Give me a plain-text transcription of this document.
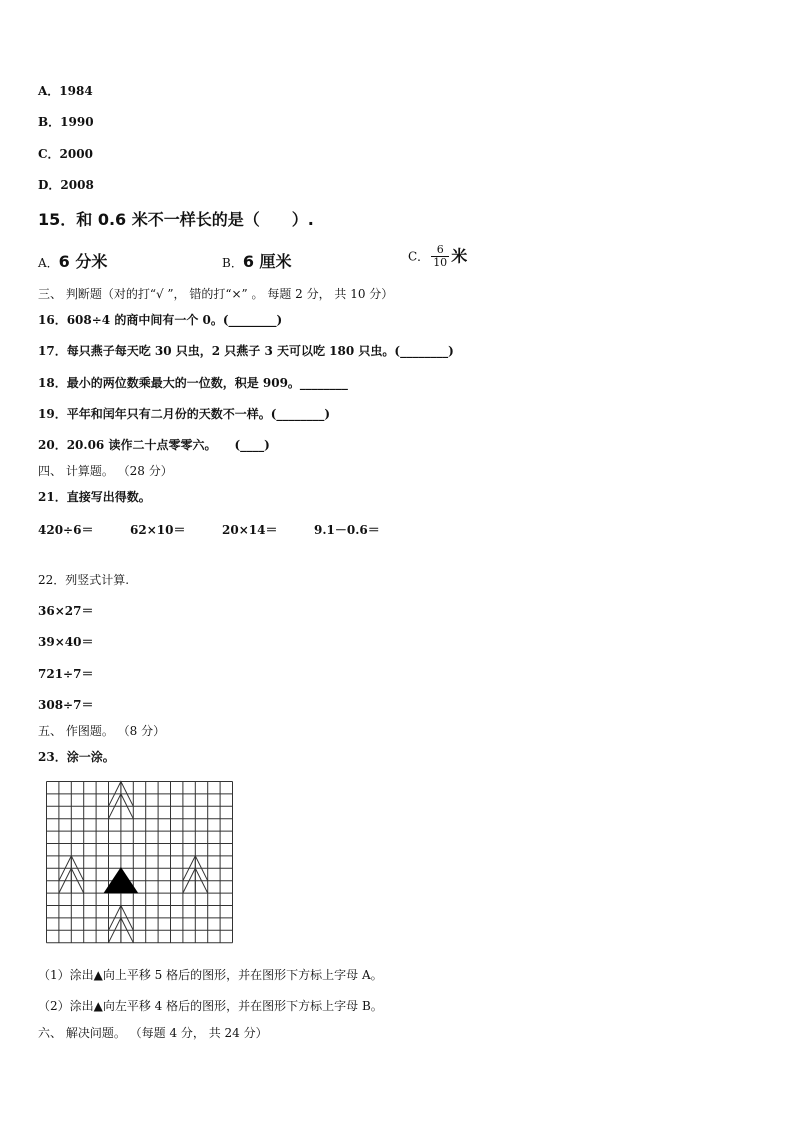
A．1984
B．1990
C．2000
D．2008
15．和 0.6 米不一样长的是（　　）.
A．6 分米	B．6 厘米	C． $\frac{6}{10}$ 米
三、 判断题（对的打“√ ”， 错的打“×” 。 每题 2 分， 共 10 分）
16．608÷4 的商中间有一个 0。(________)
17．每只燕子每天吃 30 只虫，2 只燕子 3 天可以吃 180 只虫。(________)
18．最小的两位数乘最大的一位数，积是 909。________
19．平年和闰年只有二月份的天数不一样。(________)
20．20.06 读作二十点零零六。　　(____)
四、 计算题。 （28 分）
21．直接写出得数。
420÷6＝	62×10＝	20×14＝	9.1－0.6＝
22．列竖式计算.
36×27＝
39×40＝
721÷7＝
308÷7＝
五、 作图题。 （8 分）
23．涂一涂。
（1）涂出▲向上平移 5 格后的图形，并在图形下方标上字母 A。
（2）涂出▲向左平移 4 格后的图形，并在图形下方标上字母 B。
六、 解决问题。 （每题 4 分， 共 24 分）
